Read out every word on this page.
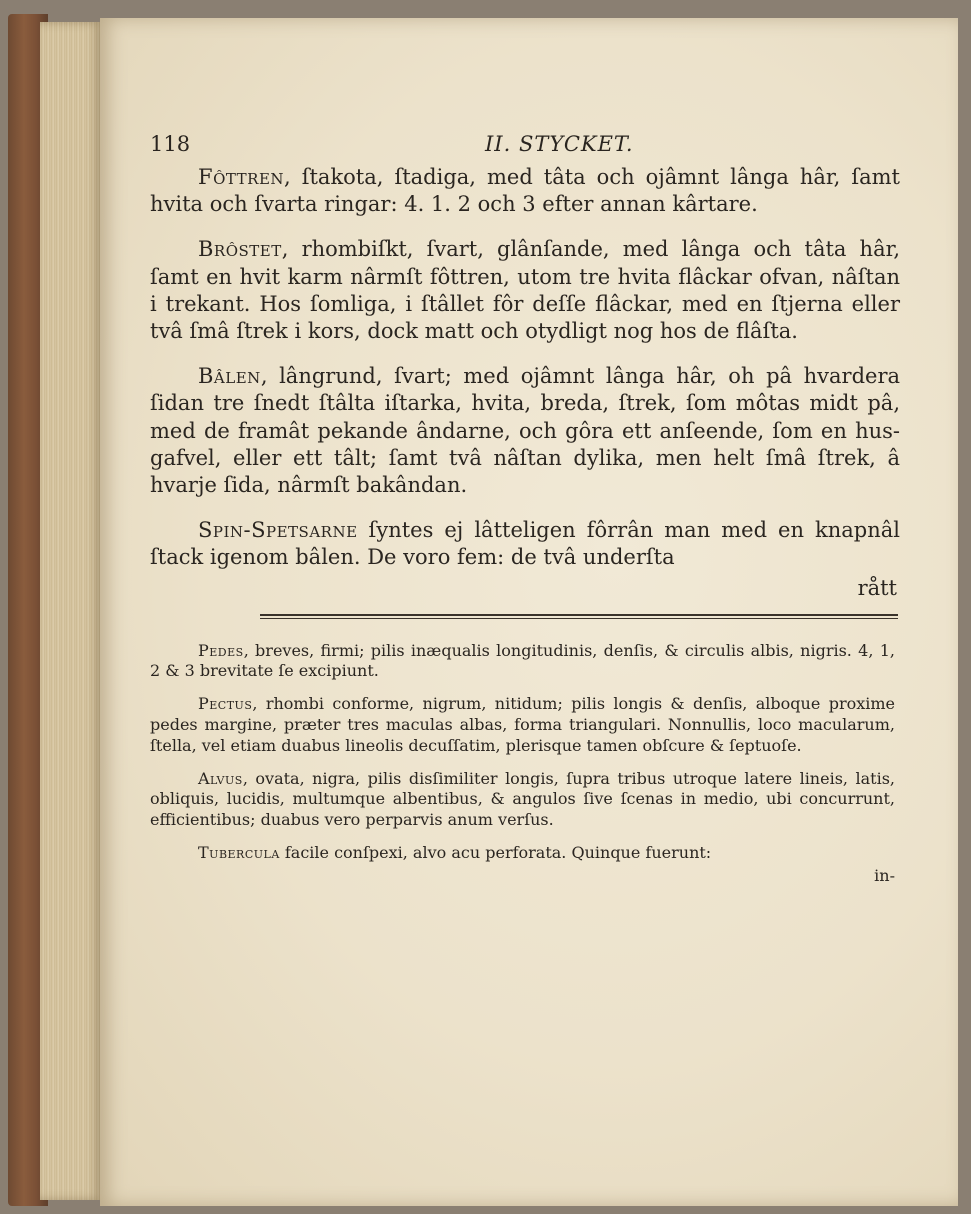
118	II. STYCKET.

Fôttren, ſtakota, ſtadiga, med tâta och ojâmnt lânga hâr, ſamt hvita och ſvarta ringar: 4. 1. 2 och 3 efter annan kârtare.

Brôstet, rhombiſkt, ſvart, glânſande, med lânga och tâta hâr, ſamt en hvit karm nârmſt fôttren, utom tre hvita flâckar ofvan, nâſtan i trekant. Hos ſomliga, i ſtâllet fôr deſſe flâckar, med en ſtjerna eller tvâ ſmâ ſtrek i kors, dock matt och otydligt nog hos de flâſta.

Bâlen, lângrund, ſvart; med ojâmnt lânga hâr, oh pâ hvardera ſidan tre ſnedt ſtâlta iſtarka, hvita, breda, ſtrek, ſom môtas midt pâ, med de framât pekande ândarne, och gôra ett anſeende, ſom en hus-gafvel, eller ett tâlt; ſamt tvâ nâſtan dylika, men helt ſmâ ſtrek, â hvarje ſida, nârmſt bakândan.

Spin-Spetsarne ſyntes ej lâtteligen fôrrân man med en knapnâl ſtack igenom bâlen. De voro fem: de tvâ underſta

rått

Pedes, breves, firmi; pilis inæqualis longitudinis, denſis, & circulis albis, nigris. 4, 1, 2 & 3 brevitate ſe excipiunt.

Pectus, rhombi conforme, nigrum, nitidum; pilis longis & denſis, alboque proxime pedes margine, præter tres maculas albas, forma triangulari. Nonnullis, loco macularum, ſtella, vel etiam duabus lineolis decuſſatim, plerisque tamen obſcure & ſeptuoſe.

Alvus, ovata, nigra, pilis disſimiliter longis, ſupra tribus utroque latere lineis, latis, obliquis, lucidis, multumque albentibus, & angulos ſive ſcenas in medio, ubi concurrunt, efficientibus; duabus vero perparvis anum verſus.

Tubercula facile conſpexi, alvo acu perforata. Quinque fuerunt:

in-
